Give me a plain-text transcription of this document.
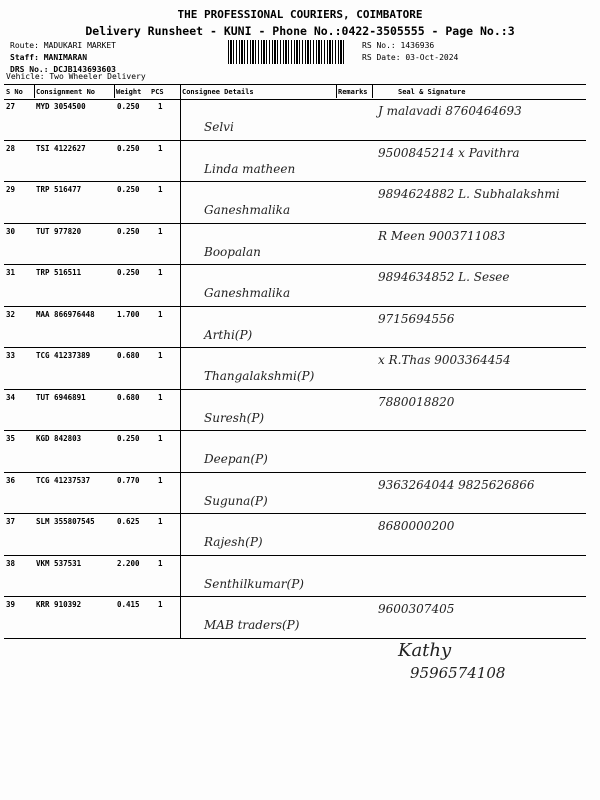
THE PROFESSIONAL COURIERS, COIMBATORE
Delivery Runsheet - KUNI - Phone No.:0422-3505555 - Page No.:3
Route: MADUKARI MARKET
Staff: MANIMARAN
DRS No.: DCJB143693603
RS No.: 1436936
RS Date: 03-Oct-2024
Vehicle: Two Wheeler Delivery
S No Consignment No	Weight PCS	Consignee Details	Remarks	Seal & Signature
27	MYD 3054500	0.250 1
Selvi
J malavadi 8760464693
28	TSI 4122627	0.250 1
Linda matheen
9500845214 x Pavithra
29	TRP 516477	0.250 1
Ganeshmalika
9894624882 L. Subhalakshmi
30	TUT 977820	0.250 1
Boopalan
R Meen 9003711083
31	TRP 516511	0.250 1
Ganeshmalika
9894634852 L. Sesee
32	MAA 866976448	1.700 1
Arthi(P)
9715694556
33	TCG 41237389	0.680 1
Thangalakshmi(P)
x R.Thas 9003364454
34	TUT 6946891	0.680 1
Suresh(P)
7880018820
35	KGD 842803	0.250 1
Deepan(P)
36	TCG 41237537	0.770 1
Suguna(P)
9363264044 9825626866
37	SLM 355807545	0.625 1
Rajesh(P)
8680000200
38	VKM 537531	2.200 1
Senthilkumar(P)
39	KRR 910392	0.415 1
MAB traders(P)
9600307405
Kathy
9596574108
